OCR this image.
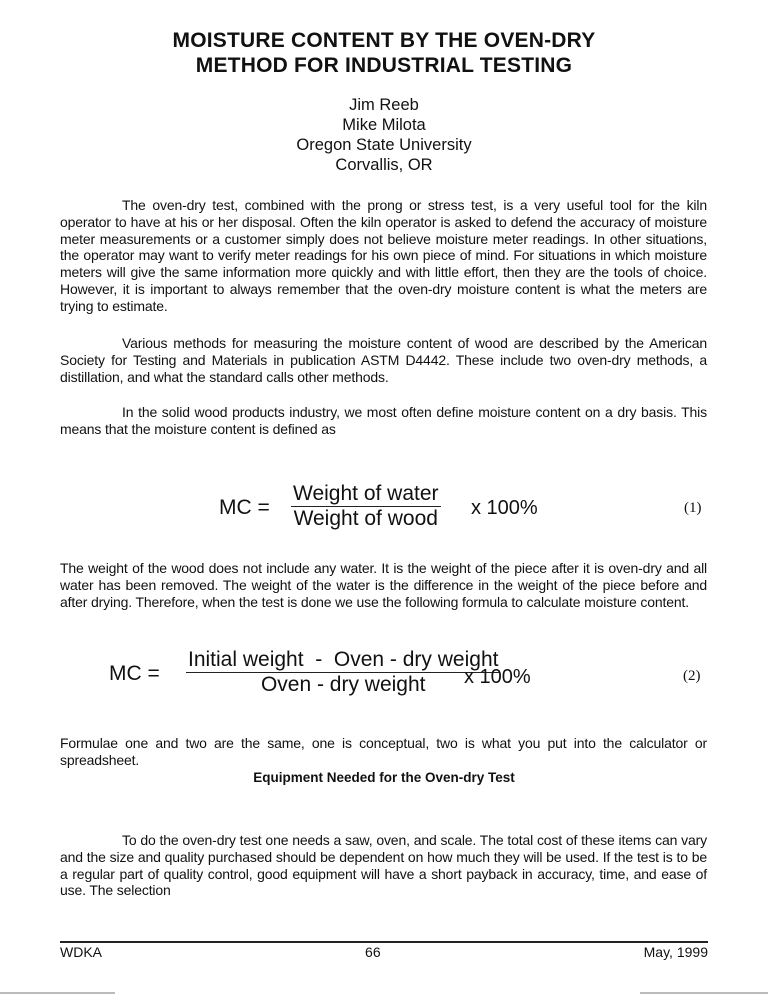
MOISTURE CONTENT BY THE OVEN-DRY
METHOD FOR INDUSTRIAL TESTING
Jim Reeb
Mike Milota
Oregon State University
Corvallis, OR

The oven-dry test, combined with the prong or stress test, is a very useful tool for the kiln operator to have at his or her disposal. Often the kiln operator is asked to defend the accuracy of moisture meter measurements or a customer simply does not believe moisture meter readings. In other situations, the operator may want to verify meter readings for his own piece of mind. For situations in which moisture meters will give the same information more quickly and with little effort, then they are the tools of choice. However, it is important to always remember that the oven-dry moisture content is what the meters are trying to estimate.

Various methods for measuring the moisture content of wood are described by the American Society for Testing and Materials in publication ASTM D4442. These include two oven-dry methods, a distillation, and what the standard calls other methods.

In the solid wood products industry, we most often define moisture content on a dry basis. This means that the moisture content is defined as

MC =
Weight of water
Weight of wood x 100%	(1)

The weight of the wood does not include any water. It is the weight of the piece after it is oven-dry and all water has been removed. The weight of the water is the difference in the weight of the piece before and after drying. Therefore, when the test is done we use the following formula to calculate moisture content.

MC =
Initial weight  -  Oven - dry weight
Oven - dry weight	x 100%	(2)

Formulae one and two are the same, one is conceptual, two is what you put into the calculator or spreadsheet.

Equipment Needed for the Oven-dry Test

To do the oven-dry test one needs a saw, oven, and scale. The total cost of these items can vary and the size and quality purchased should be dependent on how much they will be used. If the test is to be a regular part of quality control, good equipment will have a short payback in accuracy, time, and ease of use. The selection

WDKA	66	May, 1999
